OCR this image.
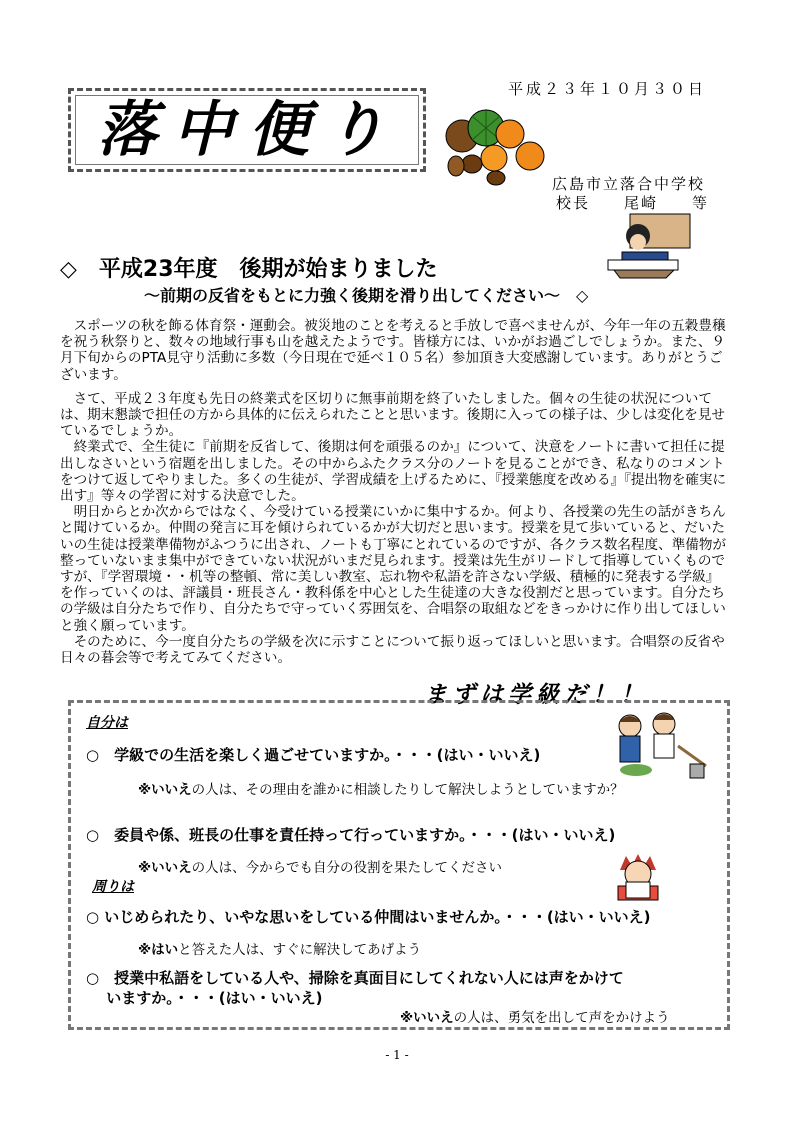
平成２３年１０月３０日
落中便り
広島市立落合中学校
校長　　尾崎　　等
◇　平成23年度　後期が始まりました
～前期の反省をもとに力強く後期を滑り出してください～　◇

スポーツの秋を飾る体育祭・運動会。被災地のことを考えると手放しで喜べませんが、今年一年の五穀豊穣を祝う秋祭りと、数々の地域行事も山を越えたようです。皆様方には、いかがお過ごしでしょうか。また、９月下旬からのPTA見守り活動に多数（今日現在で延べ１０５名）参加頂き大変感謝しています。ありがとうございます。

さて、平成２３年度も先日の終業式を区切りに無事前期を終了いたしました。個々の生徒の状況については、期末懇談で担任の方から具体的に伝えられたことと思います。後期に入っての様子は、少しは変化を見せているでしょうか。

終業式で、全生徒に『前期を反省して、後期は何を頑張るのか』について、決意をノートに書いて担任に提出しなさいという宿題を出しました。その中からふたクラス分のノートを見ることができ、私なりのコメントをつけて返してやりました。多くの生徒が、学習成績を上げるために、『授業態度を改める』『提出物を確実に出す』等々の学習に対する決意でした。

明日からとか次からではなく、今受けている授業にいかに集中するか。何より、各授業の先生の話がきちんと聞けているか。仲間の発言に耳を傾けられているかが大切だと思います。授業を見て歩いていると、だいたいの生徒は授業準備物がふつうに出され、ノートも丁寧にとれているのですが、各クラス数名程度、準備物が整っていないまま集中ができていない状況がいまだ見られます。授業は先生がリードして指導していくものですが、『学習環境・・机等の整頓、常に美しい教室、忘れ物や私語を許さない学級、積極的に発表する学級』を作っていくのは、評議員・班長さん・教科係を中心とした生徒達の大きな役割だと思っています。自分たちの学級は自分たちで作り、自分たちで守っていく雰囲気を、合唱祭の取組などをきっかけに作り出してほしいと強く願っています。

そのために、今一度自分たちの学級を次に示すことについて振り返ってほしいと思います。合唱祭の反省や日々の暮会等で考えてみてください。

まずは学級だ！！
自分は
○　学級での生活を楽しく過ごせていますか。・・・(はい・いいえ)
※いいえの人は、その理由を誰かに相談したりして解決しようとしていますか？
○　委員や係、班長の仕事を責任持って行っていますか。・・・(はい・いいえ)
※いいえの人は、今からでも自分の役割を果たしてください
周りは
○ いじめられたり、いやな思いをしている仲間はいませんか。・・・(はい・いいえ)
※はいと答えた人は、すぐに解決してあげよう
○　授業中私語をしている人や、掃除を真面目にしてくれない人には声をかけて
　 いますか。・・・(はい・いいえ)
※いいえの人は、勇気を出して声をかけよう
- 1 -
